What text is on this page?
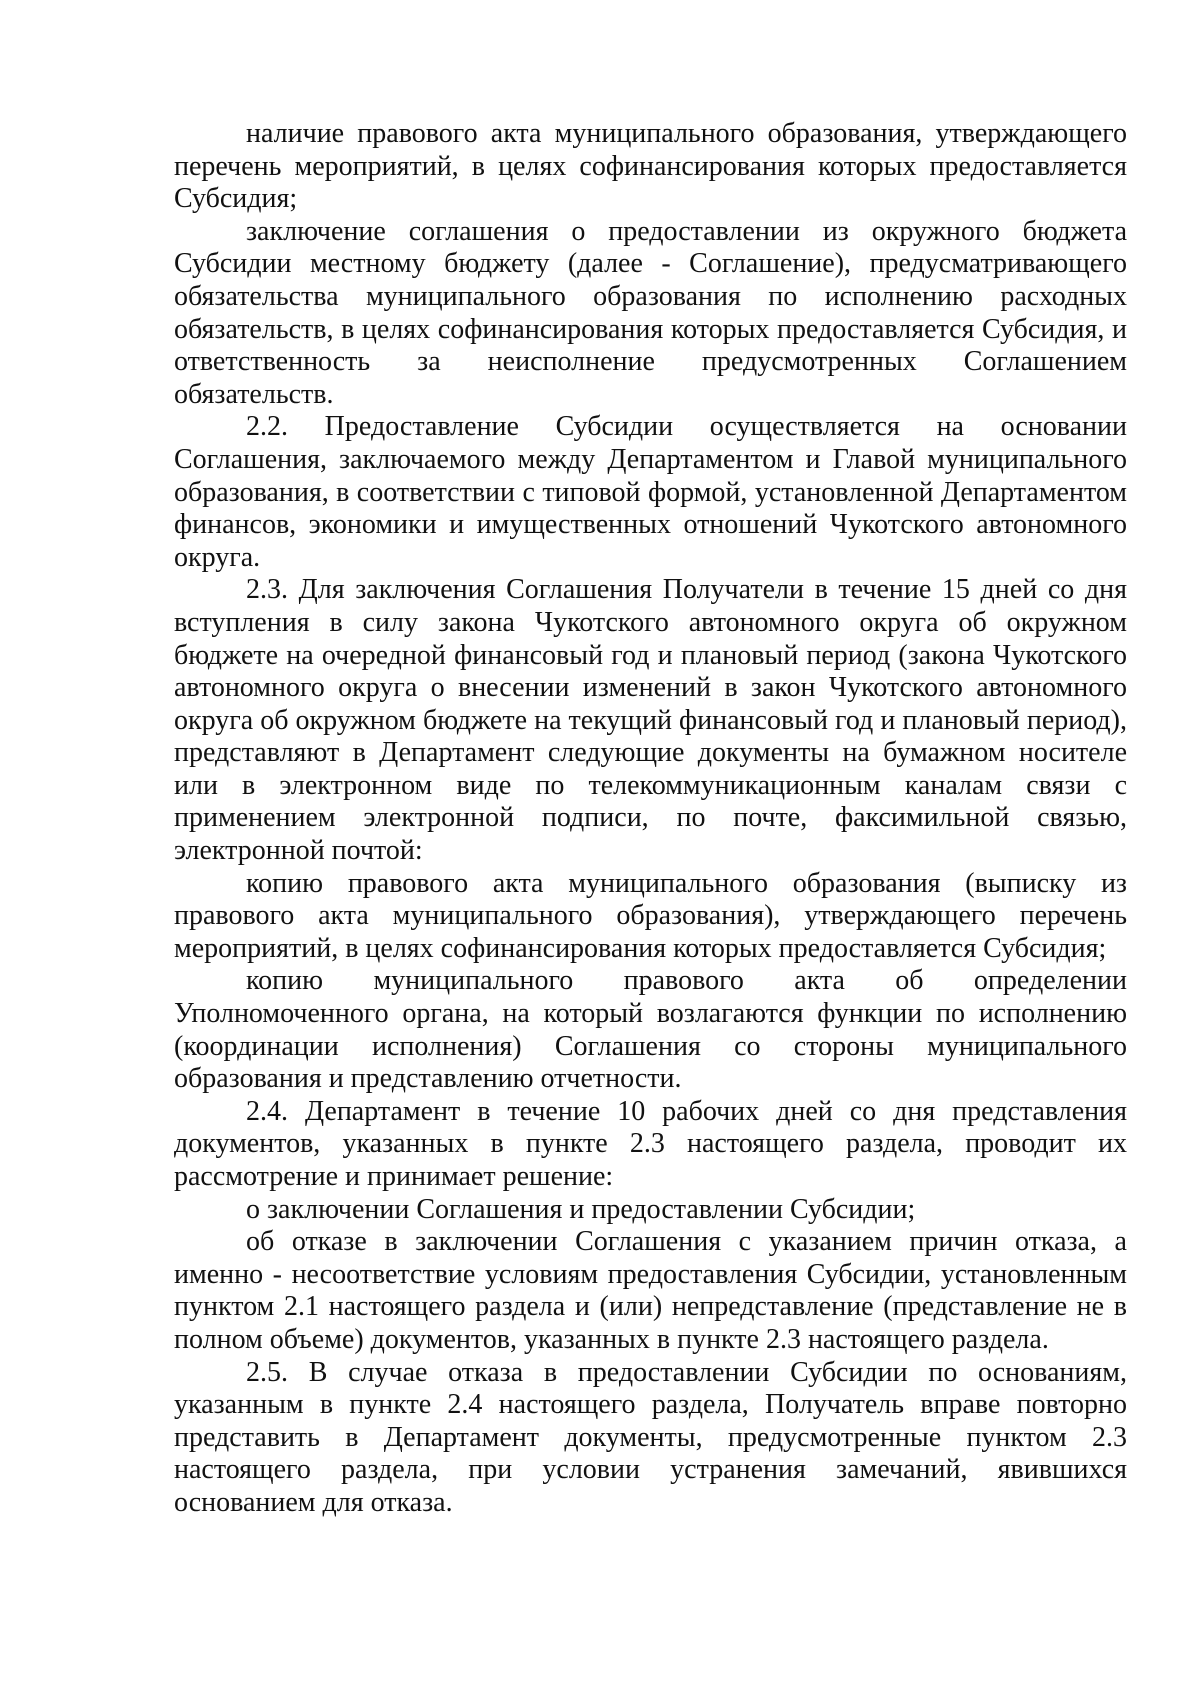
наличие правового акта муниципального образования, утверждающего перечень мероприятий, в целях софинансирования которых предоставляется Субсидия;

заключение соглашения о предоставлении из окружного бюджета Субсидии местному бюджету (далее - Соглашение), предусматривающего обязательства муниципального образования по исполнению расходных обязательств, в целях софинансирования которых предоставляется Субсидия, и ответственность за неисполнение предусмотренных Соглашением обязательств.

2.2. Предоставление Субсидии осуществляется на основании Соглашения, заключаемого между Департаментом и Главой муниципального образования, в соответствии с типовой формой, установленной Департаментом финансов, экономики и имущественных отношений Чукотского автономного округа.

2.3. Для заключения Соглашения Получатели в течение 15 дней со дня вступления в силу закона Чукотского автономного округа об окружном бюджете на очередной финансовый год и плановый период (закона Чукотского автономного округа о внесении изменений в закон Чукотского автономного округа об окружном бюджете на текущий финансовый год и плановый период), представляют в Департамент следующие документы на бумажном носителе или в электронном виде по телекоммуникационным каналам связи с применением электронной подписи, по почте, факсимильной связью, электронной почтой:

копию правового акта муниципального образования (выписку из правового акта муниципального образования), утверждающего перечень мероприятий, в целях софинансирования которых предоставляется Субсидия;

копию муниципального правового акта об определении Уполномоченного органа, на который возлагаются функции по исполнению (координации исполнения) Соглашения со стороны муниципального образования и представлению отчетности.

2.4. Департамент в течение 10 рабочих дней со дня представления документов, указанных в пункте 2.3 настоящего раздела, проводит их рассмотрение и принимает решение:

о заключении Соглашения и предоставлении Субсидии;

об отказе в заключении Соглашения с указанием причин отказа, а именно - несоответствие условиям предоставления Субсидии, установленным пунктом 2.1 настоящего раздела и (или) непредставление (представление не в полном объеме) документов, указанных в пункте 2.3 настоящего раздела.

2.5. В случае отказа в предоставлении Субсидии по основаниям, указанным в пункте 2.4 настоящего раздела, Получатель вправе повторно представить в Департамент документы, предусмотренные пунктом 2.3 настоящего раздела, при условии устранения замечаний, явившихся основанием для отказа.
